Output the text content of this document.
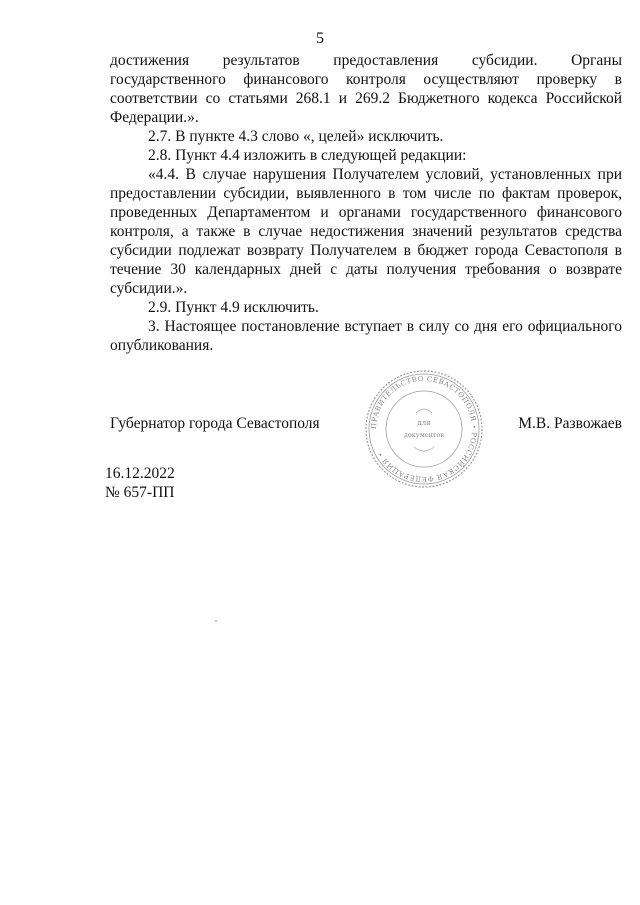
5

достижения результатов предоставления субсидии. Органы государственного финансового контроля осуществляют проверку в соответствии со статьями 268.1 и 269.2 Бюджетного кодекса Российской Федерации.».

2.7. В пункте 4.3 слово «, целей» исключить.

2.8. Пункт 4.4 изложить в следующей редакции:

«4.4. В случае нарушения Получателем условий, установленных при предоставлении субсидии, выявленного в том числе по фактам проверок, проведенных Департаментом и органами государственного финансового контроля, а также в случае недостижения значений результатов средства субсидии подлежат возврату Получателем в бюджет города Севастополя в течение 30 календарных дней с даты получения требования о возврате субсидии.».

2.9. Пункт 4.9 исключить.

3. Настоящее постановление вступает в силу со дня его официального опубликования.

Губернатор города Севастополя	М.В. Развожаев
ПРАВИТЕЛЬСТВО СЕВАСТОПОЛЯ • РОССИЙСКАЯ ФЕДЕРАЦИЯ •
для
документов
16.12.2022
№ 657-ПП
